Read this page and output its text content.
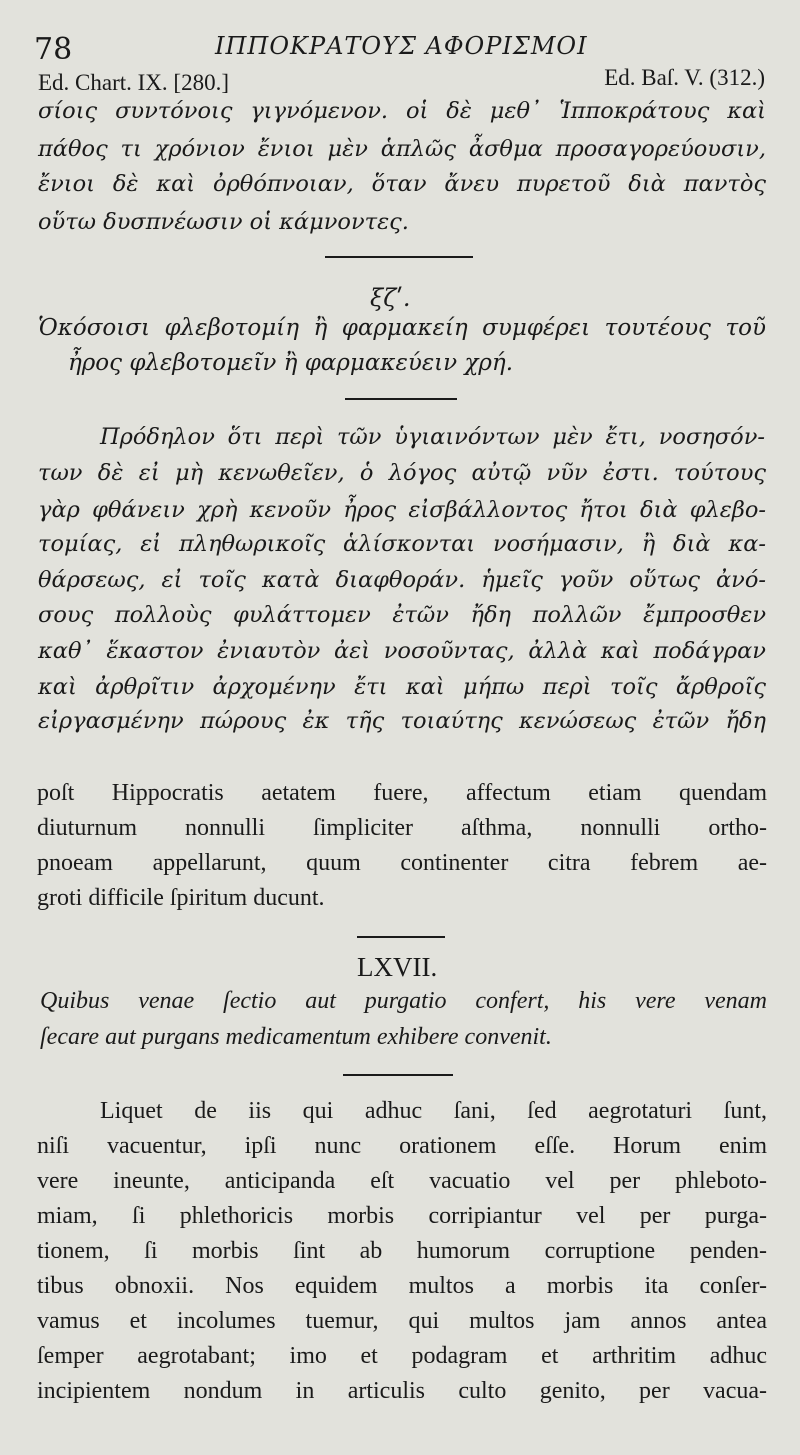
78	ΙΠΠΟΚΡΑΤΟΥΣ ΑΦΟΡΙΣΜΟΙ
Ed. Chart. IX. [280.]	Ed. Baſ. V. (312.)
σίοις συντόνοις γιγνόμενον. οἱ δὲ μεθ᾽ Ἱπποκράτους καὶ
πάθος τι χρόνιον ἔνιοι μὲν ἁπλῶς ἆσθμα προσαγορεύουσιν,
ἔνιοι δὲ καὶ ὀρθόπνοιαν, ὅταν ἄνευ πυρετοῦ διὰ παντὸς
οὕτω δυσπνέωσιν οἱ κάμνοντες.
ξζʹ.
Ὁκόσοισι φλεβοτομίη ἢ φαρμακείη συμφέρει τουτέους τοῦ
ἦρος φλεβοτομεῖν ἢ φαρμακεύειν χρή.
Πρόδηλον ὅτι περὶ τῶν ὑγιαινόντων μὲν ἔτι, νοσησόν-
των δὲ εἰ μὴ κενωθεῖεν, ὁ λόγος αὐτῷ νῦν ἐστι. τούτους
γὰρ φθάνειν χρὴ κενοῦν ἦρος εἰσβάλλοντος ἤτοι διὰ φλεβο-
τομίας, εἰ πληθωρικοῖς ἁλίσκονται νοσήμασιν, ἢ διὰ κα-
θάρσεως, εἰ τοῖς κατὰ διαφθοράν. ἡμεῖς γοῦν οὕτως ἀνό-
σους πολλοὺς φυλάττομεν ἐτῶν ἤδη πολλῶν ἔμπροσθεν
καθ᾽ ἕκαστον ἐνιαυτὸν ἀεὶ νοσοῦντας, ἀλλὰ καὶ ποδάγραν
καὶ ἀρθρῖτιν ἀρχομένην ἔτι καὶ μήπω περὶ τοῖς ἄρθροῖς
εἰργασμένην πώρους ἐκ τῆς τοιαύτης κενώσεως ἐτῶν ἤδη
poſt Hippocratis aetatem fuere, affectum etiam quendam
diuturnum nonnulli ſimpliciter aſthma, nonnulli ortho-
pnoeam appellarunt, quum continenter citra febrem ae-
groti difficile ſpiritum ducunt.
LXVII.
Quibus venae ſectio aut purgatio confert, his vere venam
ſecare aut purgans medicamentum exhibere convenit.
Liquet de iis qui adhuc ſani, ſed aegrotaturi ſunt,
niſi vacuentur, ipſi nunc orationem eſſe. Horum enim
vere ineunte, anticipanda eſt vacuatio vel per phleboto-
miam, ſi phlethoricis morbis corripiantur vel per purga-
tionem, ſi morbis ſint ab humorum corruptione penden-
tibus obnoxii. Nos equidem multos a morbis ita conſer-
vamus et incolumes tuemur, qui multos jam annos antea
ſemper aegrotabant; imo et podagram et arthritim adhuc
incipientem nondum in articulis culto genito, per vacua-
